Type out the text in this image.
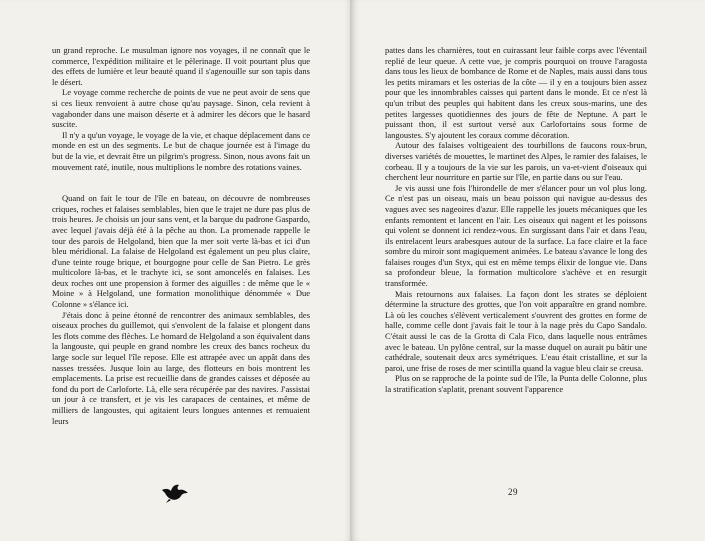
un grand reproche. Le musulman ignore nos voyages, il ne connaît que le commerce, l'expédition militaire et le pèlerinage. Il voit pourtant plus que des effets de lumière et leur beauté quand il s'agenouille sur son tapis dans le désert.

Le voyage comme recherche de points de vue ne peut avoir de sens que si ces lieux renvoient à autre chose qu'au paysage. Sinon, cela revient à vagabonder dans une maison déserte et à admirer les décors que le hasard suscite.

Il n'y a qu'un voyage, le voyage de la vie, et chaque déplacement dans ce monde en est un des segments. Le but de chaque journée est à l'image du but de la vie, et devrait être un pilgrim's progress. Sinon, nous avons fait un mouvement raté, inutile, nous multiplions le nombre des rotations vaines.

Quand on fait le tour de l'île en bateau, on découvre de nombreuses criques, roches et falaises semblables, bien que le trajet ne dure pas plus de trois heures. Je choisis un jour sans vent, et la barque du padrone Gaspardo, avec lequel j'avais déjà été à la pêche au thon. La promenade rappelle le tour des parois de Helgoland, bien que la mer soit verte là-bas et ici d'un bleu méridional. La falaise de Helgoland est également un peu plus claire, d'une teinte rouge brique, et bourgogne pour celle de San Pietro. Le grès multicolore là-bas, et le trachyte ici, se sont amoncelés en falaises. Les deux roches ont une propension à former des aiguilles : de même que le « Moine » à Helgoland, une formation monolithique dénommée « Due Colonne » s'élance ici.

J'étais donc à peine étonné de rencontrer des animaux semblables, des oiseaux proches du guillemot, qui s'envolent de la falaise et plongent dans les flots comme des flèches. Le homard de Helgoland a son équivalent dans la langouste, qui peuple en grand nombre les creux des bancs rocheux du large socle sur lequel l'île repose. Elle est attrapée avec un appât dans des nasses tressées. Jusque loin au large, des flotteurs en bois montrent les emplacements. La prise est recueillie dans de grandes caisses et déposée au fond du port de Carloforte. Là, elle sera récupérée par des navires. J'assistai un jour à ce transfert, et je vis les carapaces de centaines, et même de milliers de langoustes, qui agitaient leurs longues antennes et remuaient leurs

pattes dans les charnières, tout en cuirassant leur faible corps avec l'éventail replié de leur queue. A cette vue, je compris pourquoi on trouve l'aragosta dans tous les lieux de bombance de Rome et de Naples, mais aussi dans tous les petits miramars et les osterias de la côte — il y en a toujours bien assez pour que les innombrables caisses qui partent dans le monde. Et ce n'est là qu'un tribut des peuples qui habitent dans les creux sous-marins, une des petites largesses quotidiennes des jours de fête de Neptune. A part le puissant thon, il est surtout versé aux Carlofortains sous forme de langoustes. S'y ajoutent les coraux comme décoration.

Autour des falaises voltigeaient des tourbillons de faucons roux-brun, diverses variétés de mouettes, le martinet des Alpes, le ramier des falaises, le corbeau. Il y a toujours de la vie sur les parois, un va-et-vient d'oiseaux qui cherchent leur nourriture en partie sur l'île, en partie dans ou sur l'eau.

Je vis aussi une fois l'hirondelle de mer s'élancer pour un vol plus long. Ce n'est pas un oiseau, mais un beau poisson qui navigue au-dessus des vagues avec ses nageoires d'azur. Elle rappelle les jouets mécaniques que les enfants remontent et lancent en l'air. Les oiseaux qui nagent et les poissons qui volent se donnent ici rendez-vous. En surgissant dans l'air et dans l'eau, ils entrelacent leurs arabesques autour de la surface. La face claire et la face sombre du miroir sont magiquement animées. Le bateau s'avance le long des falaises rouges d'un Styx, qui est en même temps élixir de longue vie. Dans sa profondeur bleue, la formation multicolore s'achève et en resurgit transformée.

Mais retournons aux falaises. La façon dont les strates se déploient détermine la structure des grottes, que l'on voit apparaître en grand nombre. Là où les couches s'élèvent verticalement s'ouvrent des grottes en forme de halle, comme celle dont j'avais fait le tour à la nage près du Capo Sandalo. C'était aussi le cas de la Grotta di Cala Fico, dans laquelle nous entrâmes avec le bateau. Un pylône central, sur la masse duquel on aurait pu bâtir une cathédrale, soutenait deux arcs symétriques. L'eau était cristalline, et sur la paroi, une frise de roses de mer scintilla quand la vague bleu clair se creusa.

Plus on se rapproche de la pointe sud de l'île, la Punta delle Colonne, plus la stratification s'aplatit, prenant souvent l'apparence

29
